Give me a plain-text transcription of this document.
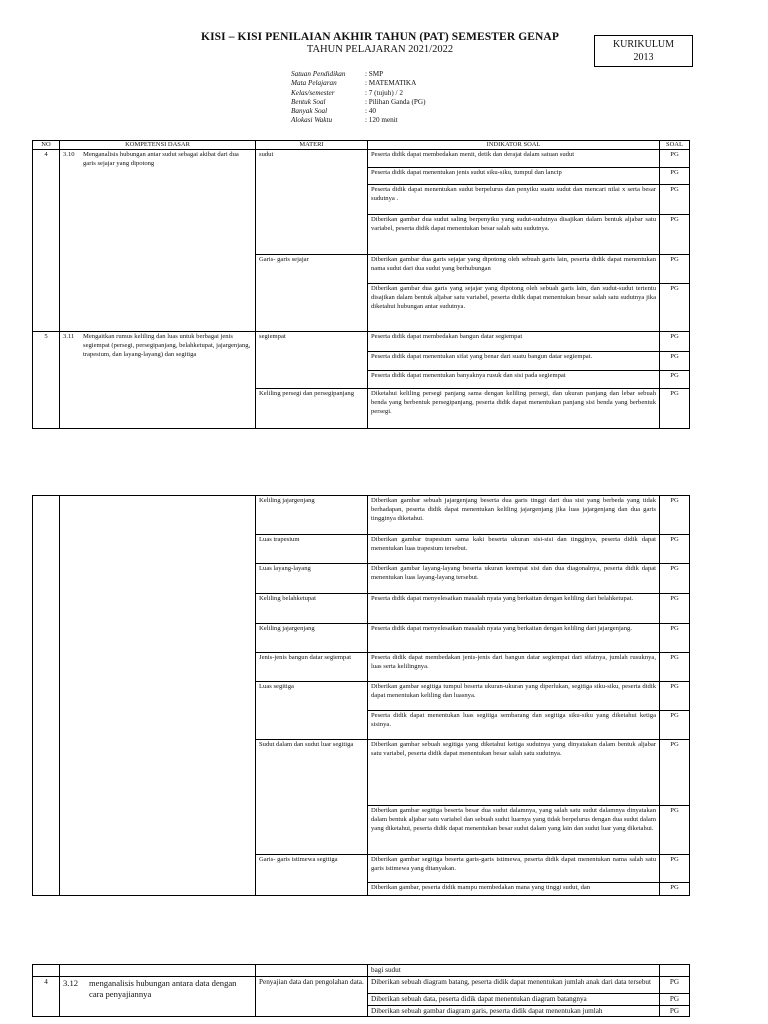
KISI – KISI PENILAIAN AKHIR TAHUN (PAT) SEMESTER GENAP
TAHUN PELAJARAN 2021/2022	KURIKULUM
2013
Satuan Pendidikan	: SMP
Mata Pelajaran	: MATEMATIKA
Kelas/semester	: 7 (tujuh) / 2
Bentuk Soal	: Pilihan Ganda (PG)
Banyak Soal	: 40
Alokasi Waktu	: 120 menit
NO	KOMPETENSI DASAR	MATERI	INDIKATOR SOAL	SOAL
4	3.10 Menganalisis hubungan antar sudut sebagai akibat dari dua garis sejajar yang dipotong	sudut	Peserta didik dapat membedakan menit, detik dan derajat dalam satuan sudut	PG
			Peserta didik dapat menentukan jenis sudut siku-siku, tumpul dan lancip	PG
			Peserta didik dapat menentukan sudut berpelurus dan penyiku suatu sudut dan mencari nilai x serta besar sudutnya .	PG
			Diberikan gambar dua sudut saling berpenyiku yang sudut-sudutnya disajikan dalam bentuk aljabar satu variabel, peserta didik dapat menentukan besar salah satu sudutnya.	PG
		Garis- garis sejajar	Diberikan gambar dua garis sejajar yang dipotong oleh sebuah garis lain, peserta didik dapat menentukan nama sudut dari dua sudut yang berhubungan	PG
			Diberikan gambar dua garis yang sejajar yang dipotong oleh sebuah garis lain, dan sudut-sudut tertentu disajikan dalam bentuk aljabar satu variabel, peserta didik dapat menentukan besar salah satu sudutnya jika diketahui hubungan antar sudutnya.	PG
5	3.11 Mengaitkan rumus keliling dan luas untuk berbagai jenis segiempat (persegi, persegipanjang, belahketupat, jajargenjang, trapesium, dan layang-layang) dan segitiga	segiempat	Peserta didik dapat membedakan bangun datar segiempat	PG
			Peserta didik dapat menentukan sifat yang benar dari suatu bangun datar segiempat.	PG
			Peserta didik dapat menentukan banyaknya rusuk dan sisi pada segiempat	PG
		Keliling persegi dan persegipanjang	Diketahui keliling persegi panjang sama dengan keliling persegi, dan ukuran panjang dan lebar sebuah benda yang berbentuk persegipanjang, peserta didik dapat menentukan panjang sisi benda yang berbentuk persegi.	PG
		Keliling jajargenjang	Diberikan gambar sebuah jajargenjang beserta dua garis tinggi dari dua sisi yang berbeda yang tidak berhadapan, peserta didik dapat menentukan keliling jajargenjang jika luas jajargenjang dan dua garis tingginya diketahui.	PG
		Luas trapesium	Diberikan gambar trapesium sama kaki beserta ukuran sisi-sisi dan tingginya, peserta didik dapat menentukan luas trapesium tersebut.	PG
		Luas layang-layang	Diberikan gambar layang-layang beserta ukuran keempat sisi dan dua diagonalnya, peserta didik dapat menentukan luas layang-layang tersebut.	PG
		Keliling belahketupat	Peserta didik dapat menyelesaikan masalah nyata yang berkaitan dengan keliling dari belahketupat.	PG
		Keliling jajargenjang	Peserta didik dapat menyelesaikan masalah nyata yang berkaitan dengan keliling dari jajargenjang.	PG
		Jenis-jenis bangun datar segiempat	Peserta didik dapat membedakan jenis-jenis dari bangun datar segiempat dari sifatnya, jumlah rusuknya, luas serta kelilingnya.	PG
		Luas segitiga	Diberikan gambar segitiga tumpul beserta ukuran-ukuran yang diperlukan, segitiga siku-siku, peserta didik dapat menentukan keliling dan luasnya.	PG
			Peserta didik dapat menentukan luas segitiga sembarang dan segitiga siku-siku yang diketahui ketiga sisinya.	PG
		Sudut dalam dan sudut luar segitiga	Diberikan gambar sebuah segitiga yang diketahui ketiga sudutnya yang dinyatakan dalam bentuk aljabar satu variabel, peserta didik dapat menentukan besar salah satu sudutnya.	PG
			Diberikan gambar segitiga beserta besar dua sudut dalamnya, yang salah satu sudut dalamnya dinyatakan dalam bentuk aljabar satu variabel dan sebuah sudut luarnya yang tidak berpelurus dengan dua sudut dalam yang diketahui, peserta didik dapat menentukan besar sudut dalam yang lain dan sudut luar yang diketahui.	PG
		Garis- garis istimewa segitiga	Diberikan gambar segitiga beserta garis-garis istimewa, peserta didik dapat menentukan nama salah satu garis istimewa yang ditanyakan.	PG
			Diberikan gambar, peserta didik mampu membedakan mana yang tinggi sudut, dan	PG
			bagi sudut	
4	3.12 menganalisis hubungan antara data dengan cara penyajiannya	Penyajian data dan pengolahan data.	Diberikan sebuah diagram batang, peserta didik dapat menentukan jumlah anak dari data tersebut	PG
			Diberikan sebuah data, peserta didik dapat menentukan diagram batangnya	PG
			Diberikan sebuah gambar diagram garis, peserta didik dapat menentukan jumlah	PG
